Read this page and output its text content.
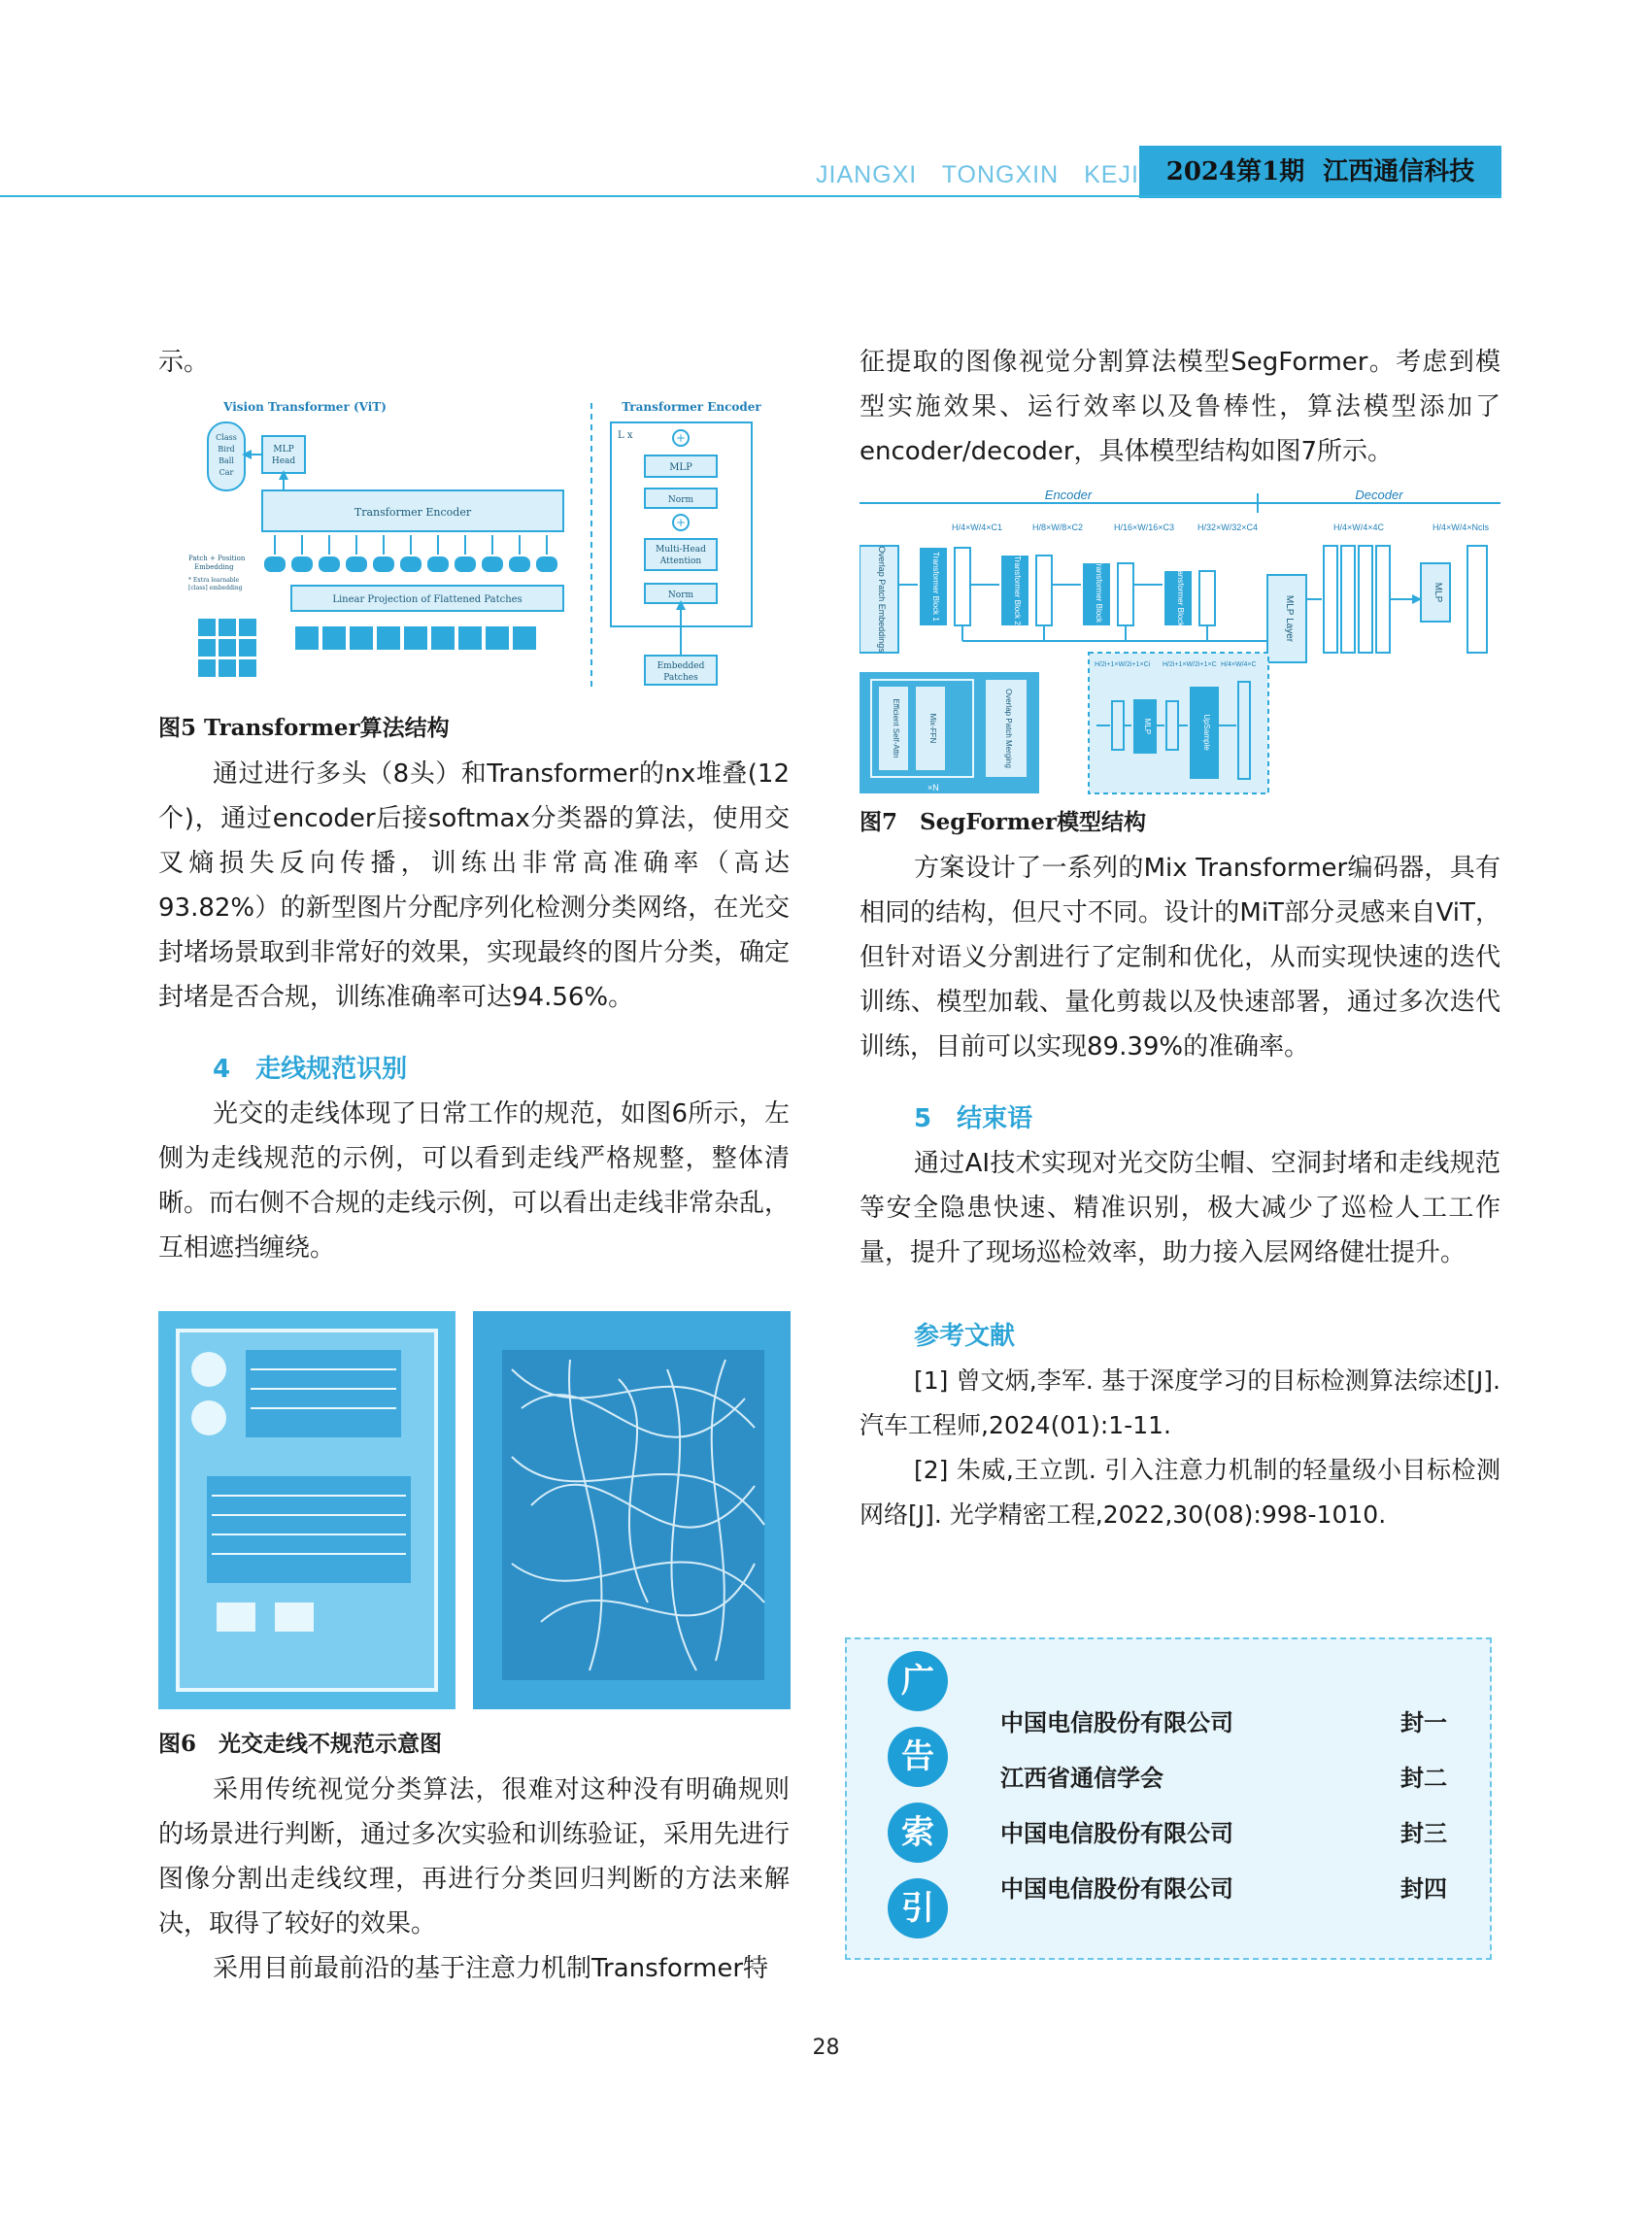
JIANGXI TONGXIN KEJI	2024第1期 江西通信科技

示。

Vision Transformer (ViT)	Transformer Encoder
Class
Bird
Ball
Car
MLP
Head
Transformer Encoder
Patch + Position
Embedding
* Extra learnable
[class] embedding
Linear Projection of Flattened Patches
L x	+
MLP
Norm
+
Multi-Head
Attention
Norm
Embedded
Patches

图5 Transformer算法结构

通过进行多头（8头）和Transformer的nx堆叠(12个)，通过encoder后接softmax分类器的算法，使用交叉熵损失反向传播，训练出非常高准确率（高达93.82%）的新型图片分配序列化检测分类网络，在光交封堵场景取到非常好的效果，实现最终的图片分类，确定封堵是否合规，训练准确率可达94.56%。

4　走线规范识别

光交的走线体现了日常工作的规范，如图6所示，左侧为走线规范的示例，可以看到走线严格规整，整体清晰。而右侧不合规的走线示例，可以看出走线非常杂乱，互相遮挡缠绕。

图6　光交走线不规范示意图

采用传统视觉分类算法，很难对这种没有明确规则的场景进行判断，通过多次实验和训练验证，采用先进行图像分割出走线纹理，再进行分类回归判断的方法来解决，取得了较好的效果。

采用目前最前沿的基于注意力机制Transformer特

征提取的图像视觉分割算法模型SegFormer。考虑到模型实施效果、运行效率以及鲁棒性，算法模型添加了encoder/decoder，具体模型结构如图7所示。

Encoder	Decoder
H/4×W/4×C1	H/8×W/8×C2	H/16×W/16×C3	H/32×W/32×C4	H/4×W/4×4C	H/4×W/4×Ncls
Overlap Patch Embeddings	Transformer Block 1	Transformer Block 2	Transformer Block 3	Transformer Block 4	MLP Layer
MLP
Efficient Self-Attn	Mix-FFN	Overlap Patch Merging
×N
H/2i+1×W/2i+1×Ci H/2i+1×W/2i+1×C H/4×W/4×C
MLP	UpSample

图7　SegFormer模型结构

方案设计了一系列的Mix Transformer编码器，具有相同的结构，但尺寸不同。设计的MiT部分灵感来自ViT，但针对语义分割进行了定制和优化，从而实现快速的迭代训练、模型加载、量化剪裁以及快速部署，通过多次迭代训练，目前可以实现89.39%的准确率。

5　结束语

通过AI技术实现对光交防尘帽、空洞封堵和走线规范等安全隐患快速、精准识别，极大减少了巡检人工工作量，提升了现场巡检效率，助力接入层网络健壮提升。

参考文献

[1] 曾文炳,李军. 基于深度学习的目标检测算法综述[J]. 汽车工程师,2024(01):1-11.

[2] 朱威,王立凯. 引入注意力机制的轻量级小目标检测网络[J]. 光学精密工程,2022,30(08):998-1010.

广
告
索
引
中国电信股份有限公司	封一
江西省通信学会	封二
中国电信股份有限公司	封三
中国电信股份有限公司	封四
28
